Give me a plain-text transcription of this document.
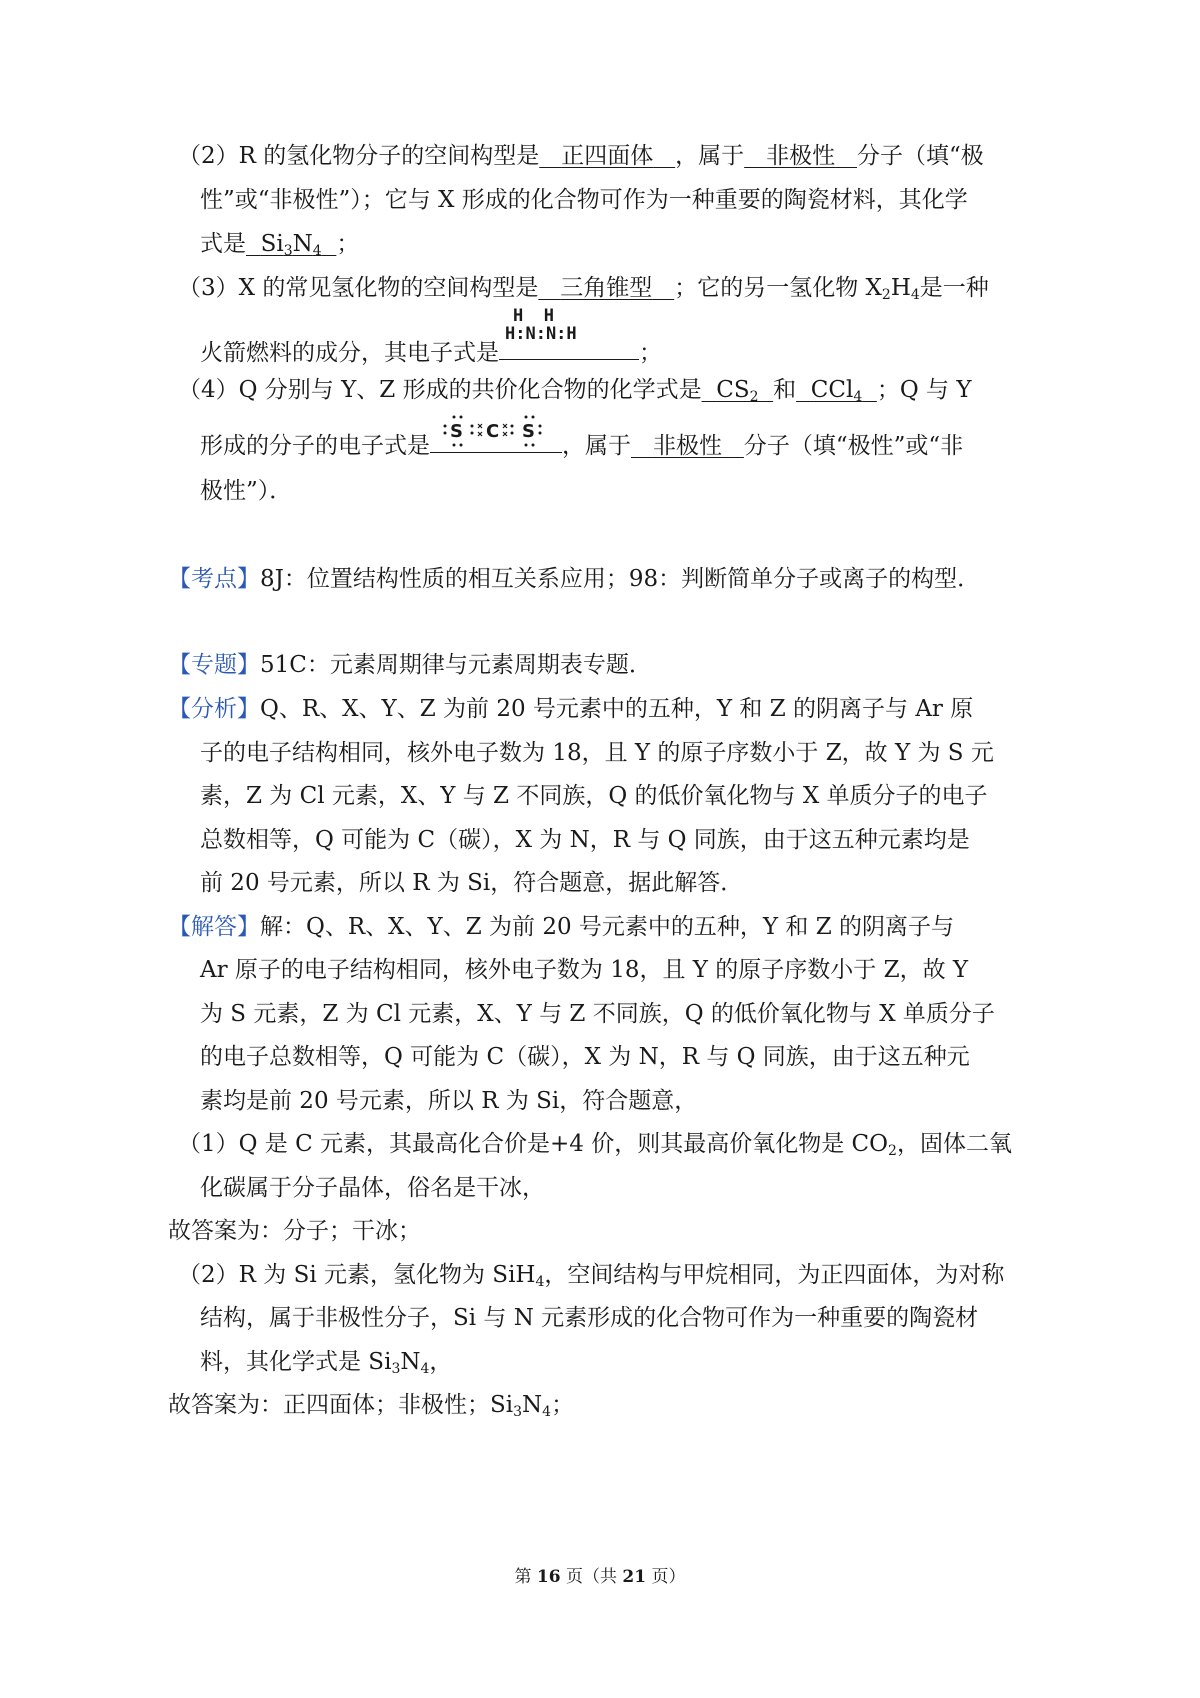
（2）R 的氢化物分子的空间构型是 正四面体 ，属于 非极性 分子（填“极
性”或“非极性”）；它与 X 形成的化合物可作为一种重要的陶瓷材料，其化学
式是 $Si_3N_4$ ；
（3）X 的常见氢化物的空间构型是 三角锥型 ；它的另一氢化物 $X_2H_4$是一种
火箭燃料的成分，其电子式是
H  H
H:N:N:H
；
（4）Q 分别与 Y、Z 形成的共价化合物的化学式是 $CS_2$ 和 CCl$_4$ ；Q 与 Y
形成的分子的电子式是
S C S
，属于 非极性 分子（填“极性”或“非
极性”）．
【考点】8J：位置结构性质的相互关系应用；98：判断简单分子或离子的构型．
【专题】51C：元素周期律与元素周期表专题．
【分析】Q、R、X、Y、Z 为前 20 号元素中的五种，Y 和 Z 的阴离子与 Ar 原
子的电子结构相同，核外电子数为 18，且 Y 的原子序数小于 Z，故 Y 为 S 元
素，Z 为 Cl 元素，X、Y 与 Z 不同族，Q 的低价氧化物与 X 单质分子的电子
总数相等，Q 可能为 C（碳），X 为 N，R 与 Q 同族，由于这五种元素均是
前 20 号元素，所以 R 为 Si，符合题意，据此解答．
【解答】解：Q、R、X、Y、Z 为前 20 号元素中的五种，Y 和 Z 的阴离子与
Ar 原子的电子结构相同，核外电子数为 18，且 Y 的原子序数小于 Z，故 Y
为 S 元素，Z 为 Cl 元素，X、Y 与 Z 不同族，Q 的低价氧化物与 X 单质分子
的电子总数相等，Q 可能为 C（碳），X 为 N，R 与 Q 同族，由于这五种元
素均是前 20 号元素，所以 R 为 Si，符合题意，
（1）Q 是 C 元素，其最高化合价是+4 价，则其最高价氧化物是 $CO_2$，固体二氧
化碳属于分子晶体，俗名是干冰，
故答案为：分子；干冰；
（2）R 为 Si 元素，氢化物为 SiH$_4$，空间结构与甲烷相同，为正四面体，为对称
结构，属于非极性分子，Si 与 N 元素形成的化合物可作为一种重要的陶瓷材
料，其化学式是 $Si_3N_4$，
故答案为：正四面体；非极性；$Si_3N_4$；
第 16 页（共 21 页）
